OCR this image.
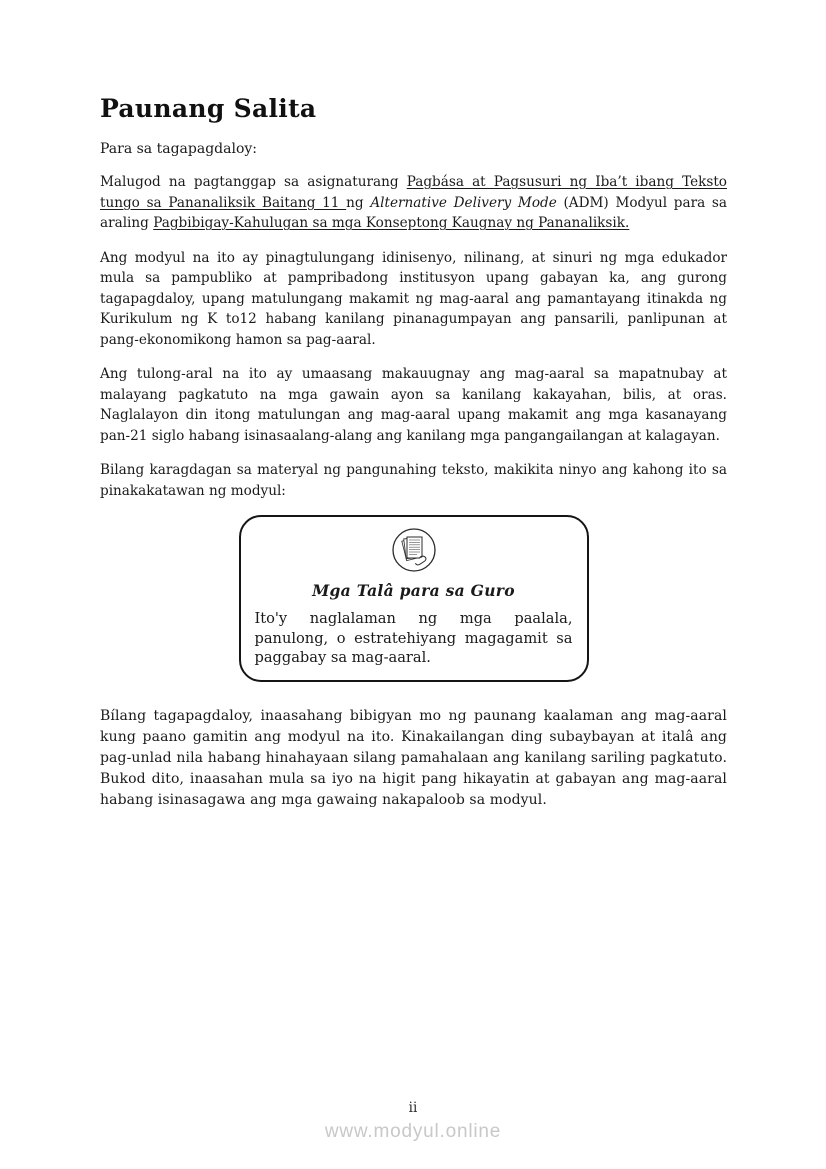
Paunang Salita

Para sa tagapagdaloy:

Malugod na pagtanggap sa asignaturang Pagbása at Pagsusuri ng Iba’t ibang Teksto tungo sa Pananaliksik Baitang 11 ng Alternative Delivery Mode (ADM) Modyul para sa araling Pagbibigay-Kahulugan sa mga Konseptong Kaugnay ng Pananaliksik.

Ang modyul na ito ay pinagtulungang idinisenyo, nilinang, at sinuri ng mga edukador mula sa pampubliko at pampribadong institusyon upang gabayan ka, ang gurong tagapagdaloy, upang matulungang makamit ng mag-aaral ang pamantayang itinakda ng Kurikulum ng K to12 habang kanilang pinanagumpayan ang pansarili, panlipunan at pang-ekonomikong hamon sa pag-aaral.

Ang tulong-aral na ito ay umaasang makauugnay ang mag-aaral sa mapatnubay at malayang pagkatuto na mga gawain ayon sa kanilang kakayahan, bilis, at oras. Naglalayon din itong matulungan ang mag-aaral upang makamit ang mga kasanayang pan-21 siglo habang isinasaalang-alang ang kanilang mga pangangailangan at kalagayan.

Bilang karagdagan sa materyal ng pangunahing teksto, makikita ninyo ang kahong ito sa pinakakatawan ng modyul:

Mga Talâ para sa Guro

Ito'y naglalaman ng mga paalala, panulong, o estratehiyang magagamit sa paggabay sa mag-aaral.

Bílang tagapagdaloy, inaasahang bibigyan mo ng paunang kaalaman ang mag-aaral kung paano gamitin ang modyul na ito. Kinakailangan ding subaybayan at italâ ang pag-unlad nila habang hinahayaan silang pamahalaan ang kanilang sariling pagkatuto. Bukod dito, inaasahan mula sa iyo na higit pang hikayatin at gabayan ang mag-aaral habang isinasagawa ang mga gawaing nakapaloob sa modyul.

ii
www.modyul.online
